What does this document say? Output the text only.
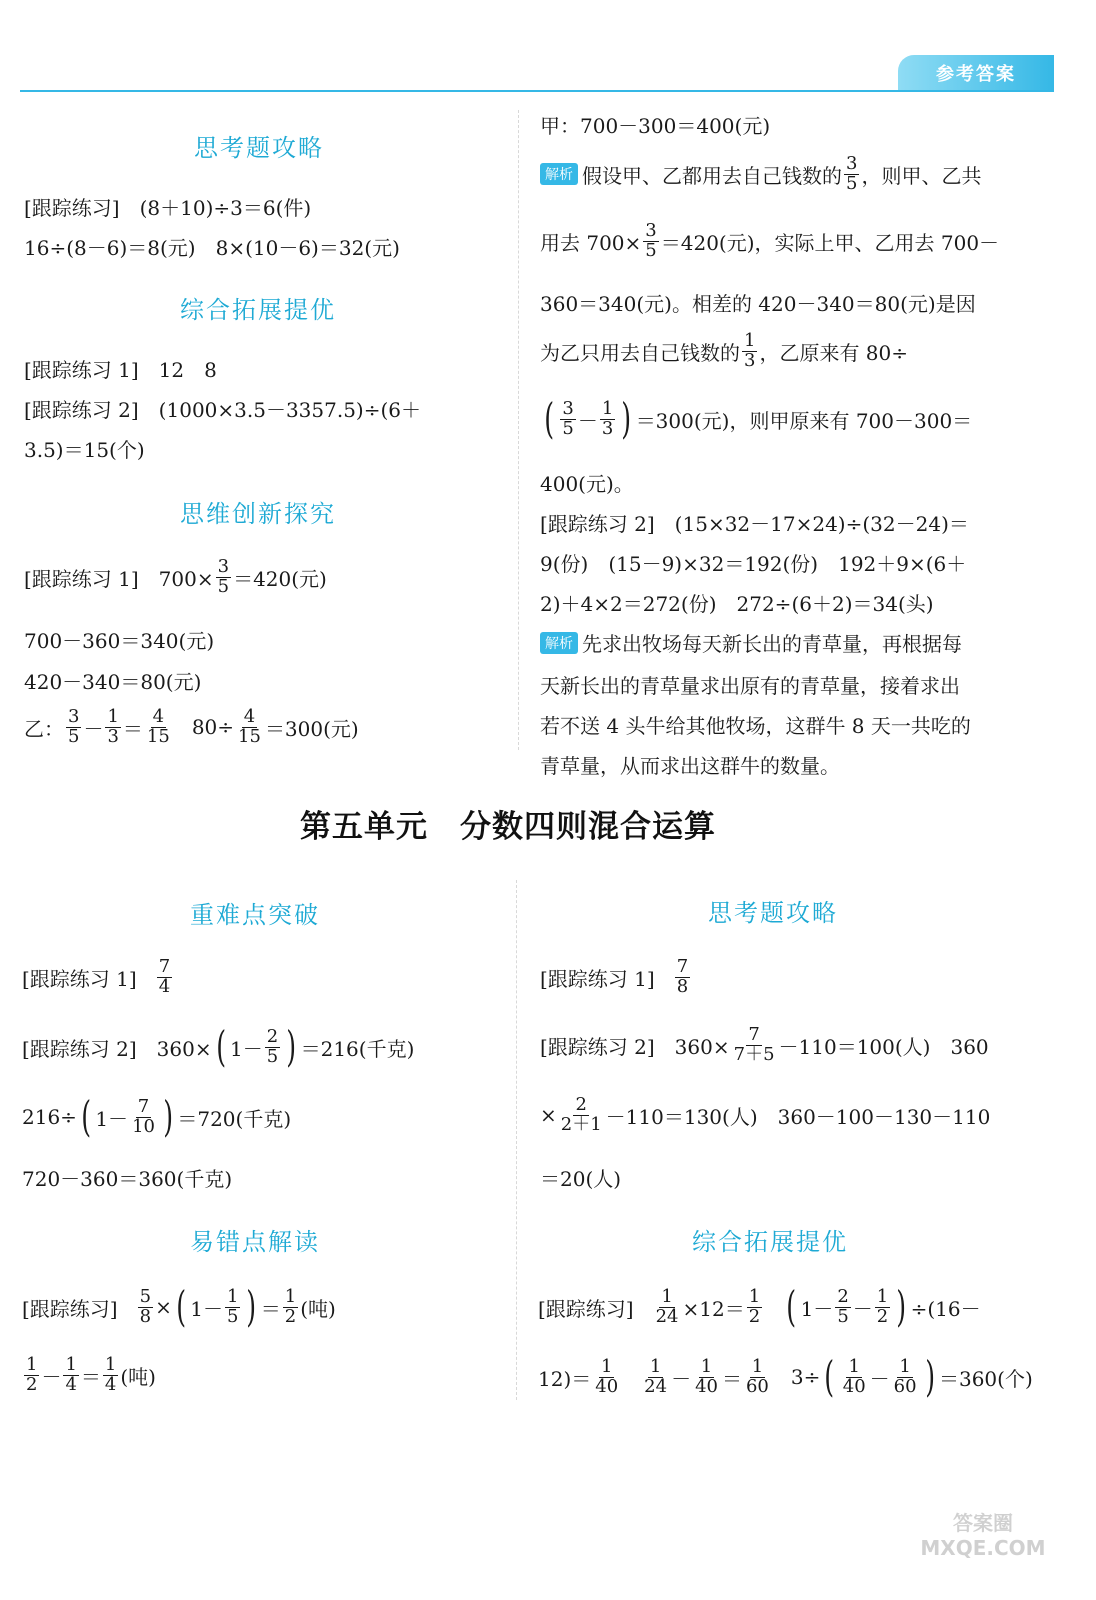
参考答案
思考题攻略
[跟踪练习]　(8＋10)÷3＝6(件)
16÷(8－6)＝8(元)　8×(10－6)＝32(元)
综合拓展提优
[跟踪练习 1]　12　8
[跟踪练习 2]　(1000×3.5－3357.5)÷(6＋
3.5)＝15(个)
思维创新探究
[跟踪练习 1]　$700\times \frac{3}{5} =420$(元)
700－360＝340(元)
420－340＝80(元)
乙： $\frac{3}{5} - \frac{1}{3} = \frac{4}{15} 80\div \frac{4}{15} =300$(元)
甲：700－300＝400(元)
解析 假设甲、乙都用去自己钱数的 $\frac{3}{5}$ ，则甲、乙共
用去 $700\times \frac{3}{5} =420$(元)，实际上甲、乙用去 700－
360＝340(元)。相差的 420－340＝80(元)是因
为乙只用去自己钱数的 $\frac{1}{3}$ ，乙原来有 80÷
( $\frac{3}{5} - \frac{1}{3}$ ) ＝300(元)，则甲原来有 700－300＝
400(元)。
[跟踪练习 2]　(15×32－17×24)÷(32－24)＝
9(份)　(15－9)×32＝192(份)　192＋9×(6＋
2)＋4×2＝272(份)　272÷(6＋2)＝34(头)
解析 先求出牧场每天新长出的青草量，再根据每
天新长出的青草量求出原有的青草量，接着求出
若不送 4 头牛给其他牧场，这群牛 8 天一共吃的
青草量，从而求出这群牛的数量。
第五单元　分数四则混合运算
重难点突破
[跟踪练习 $1] \frac{7}{4}$
[跟踪练习 2]　360× ( $1- \frac{2}{5}$ ) ＝216(千克)
216÷ ( $1- \frac{7}{10}$ ) ＝720(千克)
720－360＝360(千克)
易错点解读
[跟踪练习] $\frac{5}{8}$ × ( $1- \frac{1}{5}$ ) ＝ $\frac{1}{2}$ (吨)
$\frac{1}{2} - \frac{1}{4} = \frac{1}{4}$ (吨)
思考题攻略
[跟踪练习 $1] \frac{7}{8}$
[跟踪练习 2]　$360\times \frac{7}{7+5} -110=100$(人)　360
× $\frac{2}{2+1} -110=130$(人)　360－100－130－110
＝20(人)
综合拓展提优
[跟踪练习] $\frac{1}{24} \times 12= \frac{1}{2}$ ( $1- \frac{2}{5} - \frac{1}{2}$ ) ÷(16－
$12)= \frac{1}{40} \frac{1}{24} - \frac{1}{40} = \frac{1}{60} 3\div$ ( $\frac{1}{40} - \frac{1}{60}$ ) ＝360(个)
答案圈 MXQE.COM
